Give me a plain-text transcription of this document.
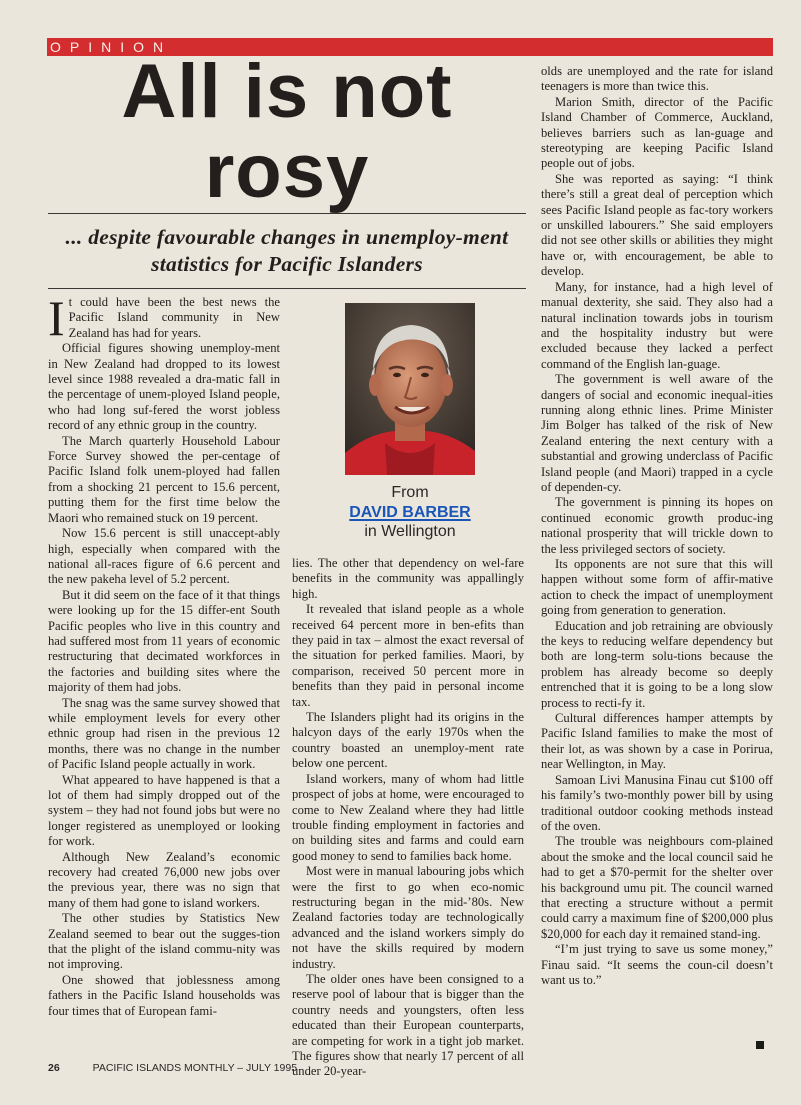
OPINION
All is not rosy
... despite favourable changes in unemploy-ment statistics for Pacific Islanders

It could have been the best news the Pacific Island community in New Zealand has had for years.

Official figures showing unemploy-ment in New Zealand had dropped to its lowest level since 1988 revealed a dra-matic fall in the percentage of unem-ployed Island people, who had long suf-fered the worst jobless record of any ethnic group in the country.

The March quarterly Household Labour Force Survey showed the per-centage of Pacific Island folk unem-ployed had fallen from a shocking 21 percent to 15.6 percent, putting them for the first time below the Maori who remained stuck on 19 percent.

Now 15.6 percent is still unaccept-ably high, especially when compared with the national all-races figure of 6.6 percent and the new pakeha level of 5.2 percent.

But it did seem on the face of it that things were looking up for the 15 differ-ent South Pacific peoples who live in this country and had suffered most from 11 years of economic restructuring that decimated workforces in the factories and building sites where the majority of them had jobs.

The snag was the same survey showed that while employment levels for every other ethnic group had risen in the previous 12 months, there was no change in the number of Pacific Island people actually in work.

What appeared to have happened is that a lot of them had simply dropped out of the system – they had not found jobs but were no longer registered as unemployed or looking for work.

Although New Zealand’s economic recovery had created 76,000 new jobs over the previous year, there was no sign that many of them had gone to island workers.

The other studies by Statistics New Zealand seemed to bear out the sugges-tion that the plight of the island commu-nity was not improving.

One showed that joblessness among fathers in the Pacific Island households was four times that of European fami-

From
DAVID BARBER
in Wellington

lies. The other that dependency on wel-fare benefits in the community was appallingly high.

It revealed that island people as a whole received 64 percent more in ben-efits than they paid in tax – almost the exact reversal of the situation for perked families. Maori, by comparison, received 50 percent more in benefits than they paid in personal income tax.

The Islanders plight had its origins in the halcyon days of the early 1970s when the country boasted an unemploy-ment rate below one percent.

Island workers, many of whom had little prospect of jobs at home, were encouraged to come to New Zealand where they had little trouble finding employment in factories and on building sites and farms and could earn good money to send to families back home.

Most were in manual labouring jobs which were the first to go when eco-nomic restructuring began in the mid-’80s. New Zealand factories today are technologically advanced and the island workers simply do not have the skills required by modern industry.

The older ones have been consigned to a reserve pool of labour that is bigger than the country needs and youngsters, often less educated than their European counterparts, are competing for work in a tight job market. The figures show that nearly 17 percent of all under 20-year-

olds are unemployed and the rate for island teenagers is more than twice this.

Marion Smith, director of the Pacific Island Chamber of Commerce, Auckland, believes barriers such as lan-guage and stereotyping are keeping Pacific Island people out of jobs.

She was reported as saying: “I think there’s still a great deal of perception which sees Pacific Island people as fac-tory workers or unskilled labourers.” She said employers did not see other skills or abilities they might have or, with encouragement, be able to develop.

Many, for instance, had a high level of manual dexterity, she said. They also had a natural inclination towards jobs in tourism and the hospitality industry but were excluded because they lacked a perfect command of the English lan-guage.

The government is well aware of the dangers of social and economic inequal-ities running along ethnic lines. Prime Minister Jim Bolger has talked of the risk of New Zealand entering the next century with a substantial and growing underclass of Pacific Island people (and Maori) trapped in a cycle of dependen-cy.

The government is pinning its hopes on continued economic growth produc-ing national prosperity that will trickle down to the less privileged sectors of society.

Its opponents are not sure that this will happen without some form of affir-mative action to check the impact of unemployment going from generation to generation.

Education and job retraining are obviously the keys to reducing welfare dependency but both are long-term solu-tions because the problem has already become so deeply entrenched that it is going to be a long slow process to recti-fy it.

Cultural differences hamper attempts by Pacific Island families to make the most of their lot, as was shown by a case in Porirua, near Wellington, in May.

Samoan Livi Manusina Finau cut $100 off his family’s two-monthly power bill by using traditional outdoor cooking methods instead of the oven.

The trouble was neighbours com-plained about the smoke and the local council said he had to get a $70-permit for the shelter over his background umu pit. The council warned that erecting a structure without a permit could carry a maximum fine of $200,000 plus $20,000 for each day it remained stand-ing.

“I’m just trying to save us some money,” Finau said. “It seems the coun-cil doesn’t want us to.”

26	PACIFIC ISLANDS MONTHLY – JULY 1995
